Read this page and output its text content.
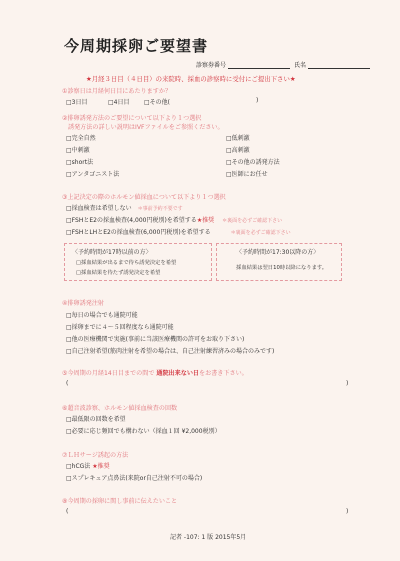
今周期採卵ご要望書
診察券番号	氏名
★月経３日目（４日目）の来院時、採血の診察時に受付にご提出下さい★
①診察日は月経何日目にあたりますか？
□3日目	□4日目 □その他(	)
②排卵誘発方法のご要望について以下より１つ選択
誘発方法の詳しい説明はIVFファイルをご参照ください。
□完全自然	□低刺激
□中刺激	□高刺激
□short法	□その他の誘発方法
□アンタゴニスト法	□医師にお任せ
③上記決定の際のホルモン値採血について以下より１つ選択
□採血検査は希望しない ＊事前予約不要です
□FSHとE2の採血検査(4,000円税別)を希望する★推奨 ＊裏面を必ずご確認下さい
□FSHとLHとE2の採血検査(6,000円税別)を希望する	＊裏面を必ずご確認下さい
〈予約時間が17時以前の方〉
□採血結果が出るまで待ち誘発決定を希望
□採血結果を待たず誘発決定を希望
〈予約時間が17:30以降の方〉
採血結果は翌日10時以降になります。
④排卵誘発注射
□毎日の場合でも通院可能
□採卵までに４〜５回程度なら通院可能
□他の医療機関で実施(事前に当該医療機関の許可をお取り下さい)
□自己注射希望(筋肉注射を希望の場合は、自己注射練習済みの場合のみです)
⑤今周期の月経14日目までの間で 通院出来ない日をお書き下さい。
(	)
⑥超音波診察、ホルモン値採血検査の回数
□最低限の回数を希望
□必要に応じ頻回でも構わない（採血１回 ¥2,000税別）
⑦ＬＨサージ誘起の方法
□hCG法 ★推奨
□スプレキュア点鼻法(来院or自己注射不可の場合)
⑧今周期の採卵に関し事前に伝えたいこと
(	)
記者 -107: 1 版 2015年5月
